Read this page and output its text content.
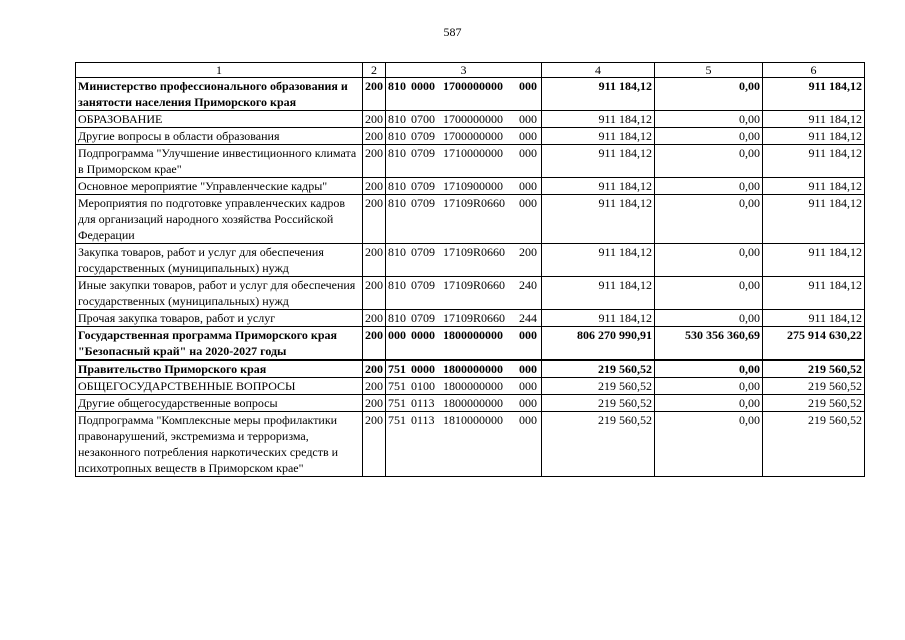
587
1	2	3	4	5	6
Министерство профессионального образования и занятости населения Приморского края	200	810 0000 1700000000 000	911 184,12	0,00	911 184,12
ОБРАЗОВАНИЕ	200	810 0700 1700000000 000	911 184,12	0,00	911 184,12
Другие вопросы в области образования	200	810 0709 1700000000 000	911 184,12	0,00	911 184,12
Подпрограмма "Улучшение инвестиционного климата в Приморском крае"	200	810 0709 1710000000 000	911 184,12	0,00	911 184,12
Основное мероприятие "Управленческие кадры"	200	810 0709 1710900000 000	911 184,12	0,00	911 184,12
Мероприятия по подготовке управленческих кадров для организаций народного хозяйства Российской Федерации	200	810 0709 17109R0660 000	911 184,12	0,00	911 184,12
Закупка товаров, работ и услуг для обеспечения государственных (муниципальных) нужд	200	810 0709 17109R0660 200	911 184,12	0,00	911 184,12
Иные закупки товаров, работ и услуг для обеспечения государственных (муниципальных) нужд	200	810 0709 17109R0660 240	911 184,12	0,00	911 184,12
Прочая закупка товаров, работ и услуг	200	810 0709 17109R0660 244	911 184,12	0,00	911 184,12
Государственная программа Приморского края "Безопасный край" на 2020-2027 годы	200	000 0000 1800000000 000	806 270 990,91	530 356 360,69	275 914 630,22
Правительство Приморского края	200	751 0000 1800000000 000	219 560,52	0,00	219 560,52
ОБЩЕГОСУДАРСТВЕННЫЕ ВОПРОСЫ	200	751 0100 1800000000 000	219 560,52	0,00	219 560,52
Другие общегосударственные вопросы	200	751 0113 1800000000 000	219 560,52	0,00	219 560,52
Подпрограмма "Комплексные меры профилактики правонарушений, экстремизма и терроризма, незаконного потребления наркотических средств и психотропных веществ в Приморском крае"	200	751 0113 1810000000 000	219 560,52	0,00	219 560,52
